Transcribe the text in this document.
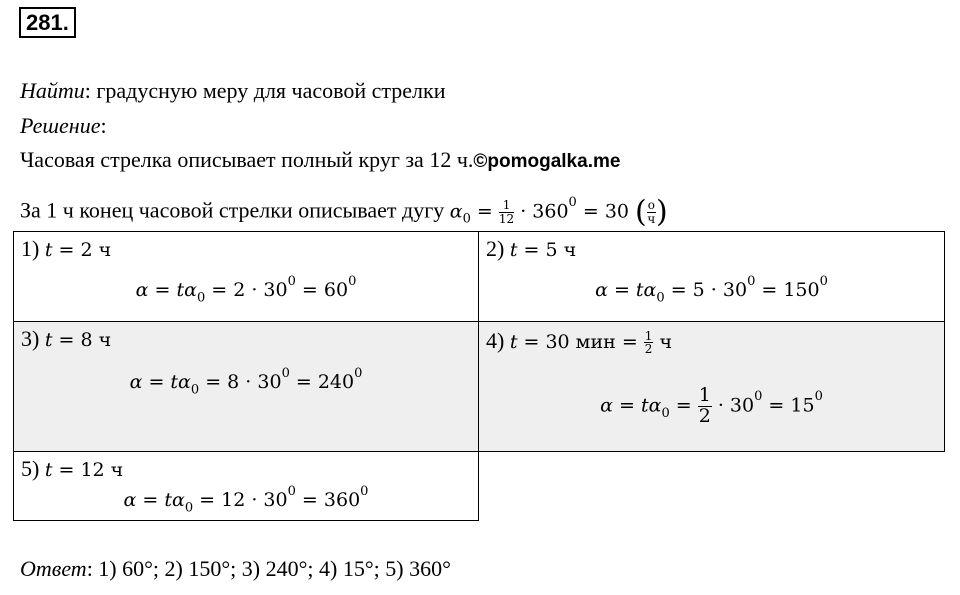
281.
Найти: градусную меру для часовой стрелки
Решение:
Часовая стрелка описывает полный круг за 12 ч.©pomogalka.me
За 1 ч конец часовой стрелки описывает дугу $\alpha_0 = \frac{1}{12} \cdot 360^0 = 30$ ( $\frac{o}{ч}$ )
1) t = 2 ч
$\alpha = t\alpha_0 = 2 \cdot 30^0 = 60^0$
2) t = 5 ч
$\alpha = t\alpha_0 = 5 \cdot 30^0 = 150^0$
3) t = 8 ч
$\alpha = t\alpha_0 = 8 \cdot 30^0 = 240^0$
4) t = 30 мин = $\frac{1}{2}$ ч
$\alpha = t\alpha_0 = \frac{1}{2} \cdot 30^0 = 15^0$
5) t = 12 ч
$\alpha = t\alpha_0 = 12 \cdot 30^0 = 360^0$
Ответ: 1) 60°; 2) 150°; 3) 240°; 4) 15°; 5) 360°
